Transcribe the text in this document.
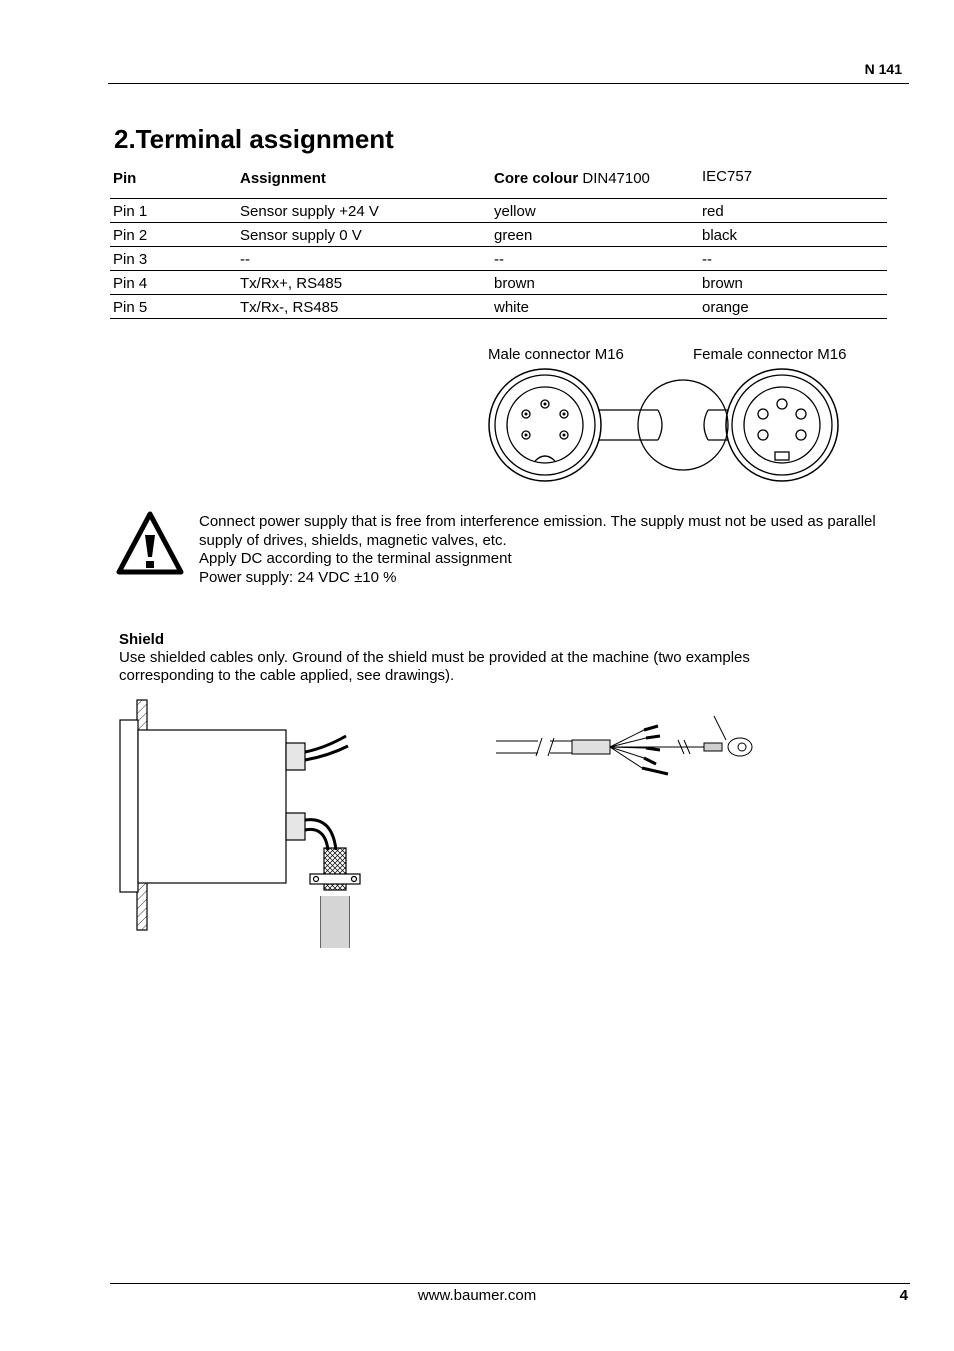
N 141
2.Terminal assignment
Pin	Assignment	Core colour DIN47100	IEC757
Pin 1	Sensor supply +24 V	yellow	red
Pin 2	Sensor supply 0 V	green	black
Pin 3	--	--	--
Pin 4	Tx/Rx+, RS485	brown	brown
Pin 5	Tx/Rx-, RS485	white	orange
Male connector M16	Female connector M16
Connect power supply that is free from interference emission. The supply must not be used as parallel supply of drives, shields, magnetic valves, etc.
Apply DC according to the terminal assignment
Power supply: 24 VDC ±10 %
Shield
Use shielded cables only. Ground of the shield must be provided at the machine (two examples corresponding to the cable applied, see drawings).
www.baumer.com	4
